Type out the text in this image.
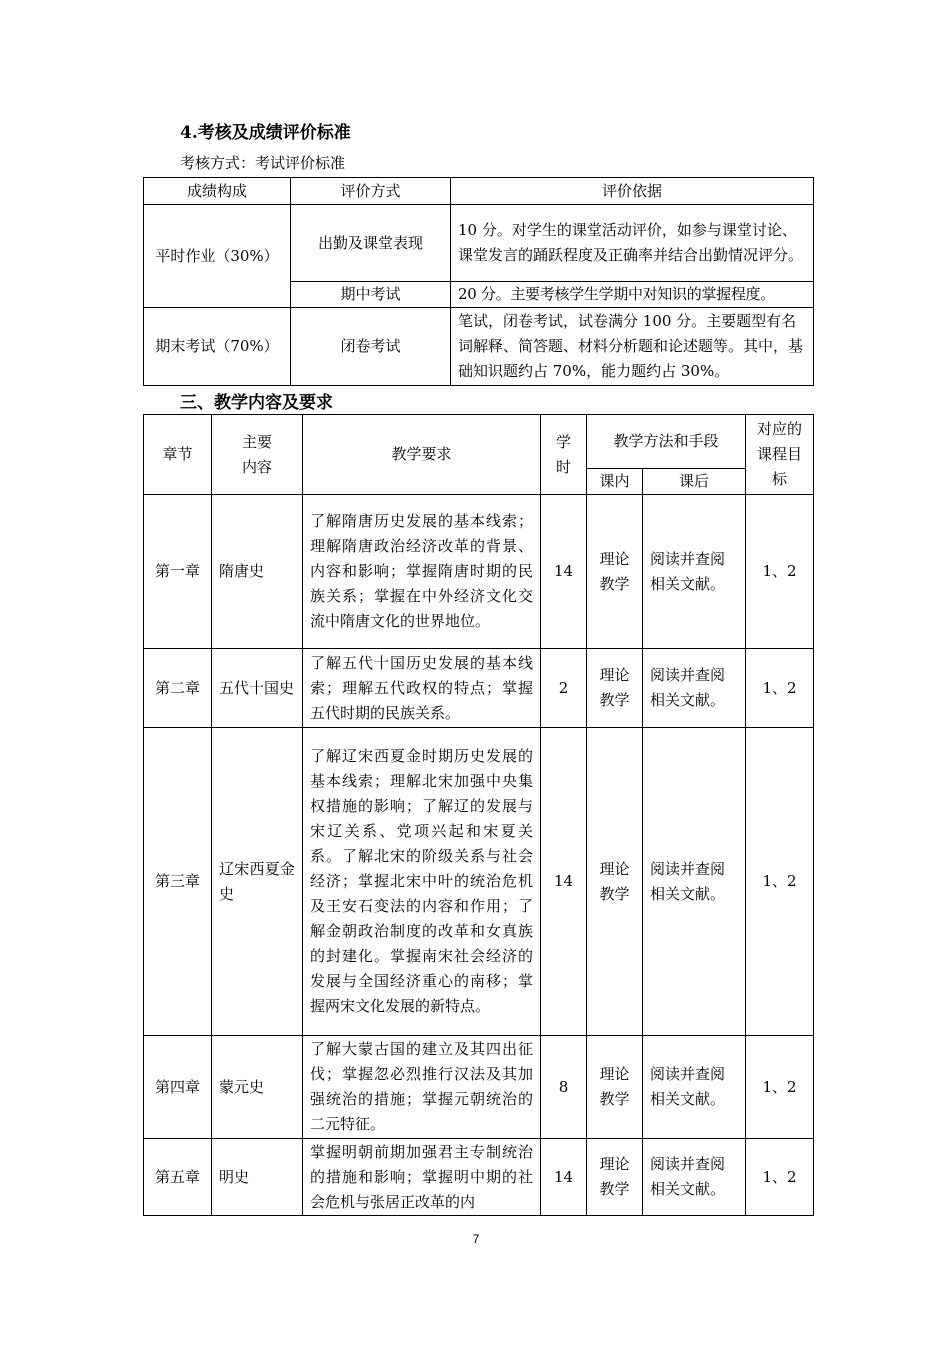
4.考核及成绩评价标准
考核方式：考试评价标准
成绩构成	评价方式	评价依据
平时作业（30%）	出勤及课堂表现	10 分。对学生的课堂活动评价，如参与课堂讨论、课堂发言的踊跃程度及正确率并结合出勤情况评分。
	期中考试	20 分。主要考核学生学期中对知识的掌握程度。
期末考试（70%）	闭卷考试	笔试，闭卷考试，试卷满分 100 分。主要题型有名词解释、简答题、材料分析题和论述题等。其中，基础知识题约占 70%，能力题约占 30%。
三、教学内容及要求
章节	主要内容	教学要求	学时	教学方法和手段		对应的课程目标

				课内	课后	
第一章	隋唐史	了解隋唐历史发展的基本线索；理解隋唐政治经济改革的背景、内容和影响；掌握隋唐时期的民族关系；掌握在中外经济文化交流中隋唐文化的世界地位。	14	理论教学	阅读并查阅相关文献。	1、2
第二章	五代十国史	了解五代十国历史发展的基本线索；理解五代政权的特点；掌握五代时期的民族关系。	2	理论教学	阅读并查阅相关文献。	1、2
第三章	辽宋西夏金史	了解辽宋西夏金时期历史发展的基本线索；理解北宋加强中央集权措施的影响；了解辽的发展与宋辽关系、党项兴起和宋夏关系。了解北宋的阶级关系与社会经济；掌握北宋中叶的统治危机及王安石变法的内容和作用；了解金朝政治制度的改革和女真族的封建化。掌握南宋社会经济的发展与全国经济重心的南移；掌握两宋文化发展的新特点。	14	理论教学	阅读并查阅相关文献。	1、2
第四章	蒙元史	了解大蒙古国的建立及其四出征伐；掌握忽必烈推行汉法及其加强统治的措施；掌握元朝统治的二元特征。	8	理论教学	阅读并查阅相关文献。	1、2
第五章	明史	掌握明朝前期加强君主专制统治的措施和影响；掌握明中期的社会危机与张居正改革的内	14	理论教学	阅读并查阅相关文献。	1、2
7
